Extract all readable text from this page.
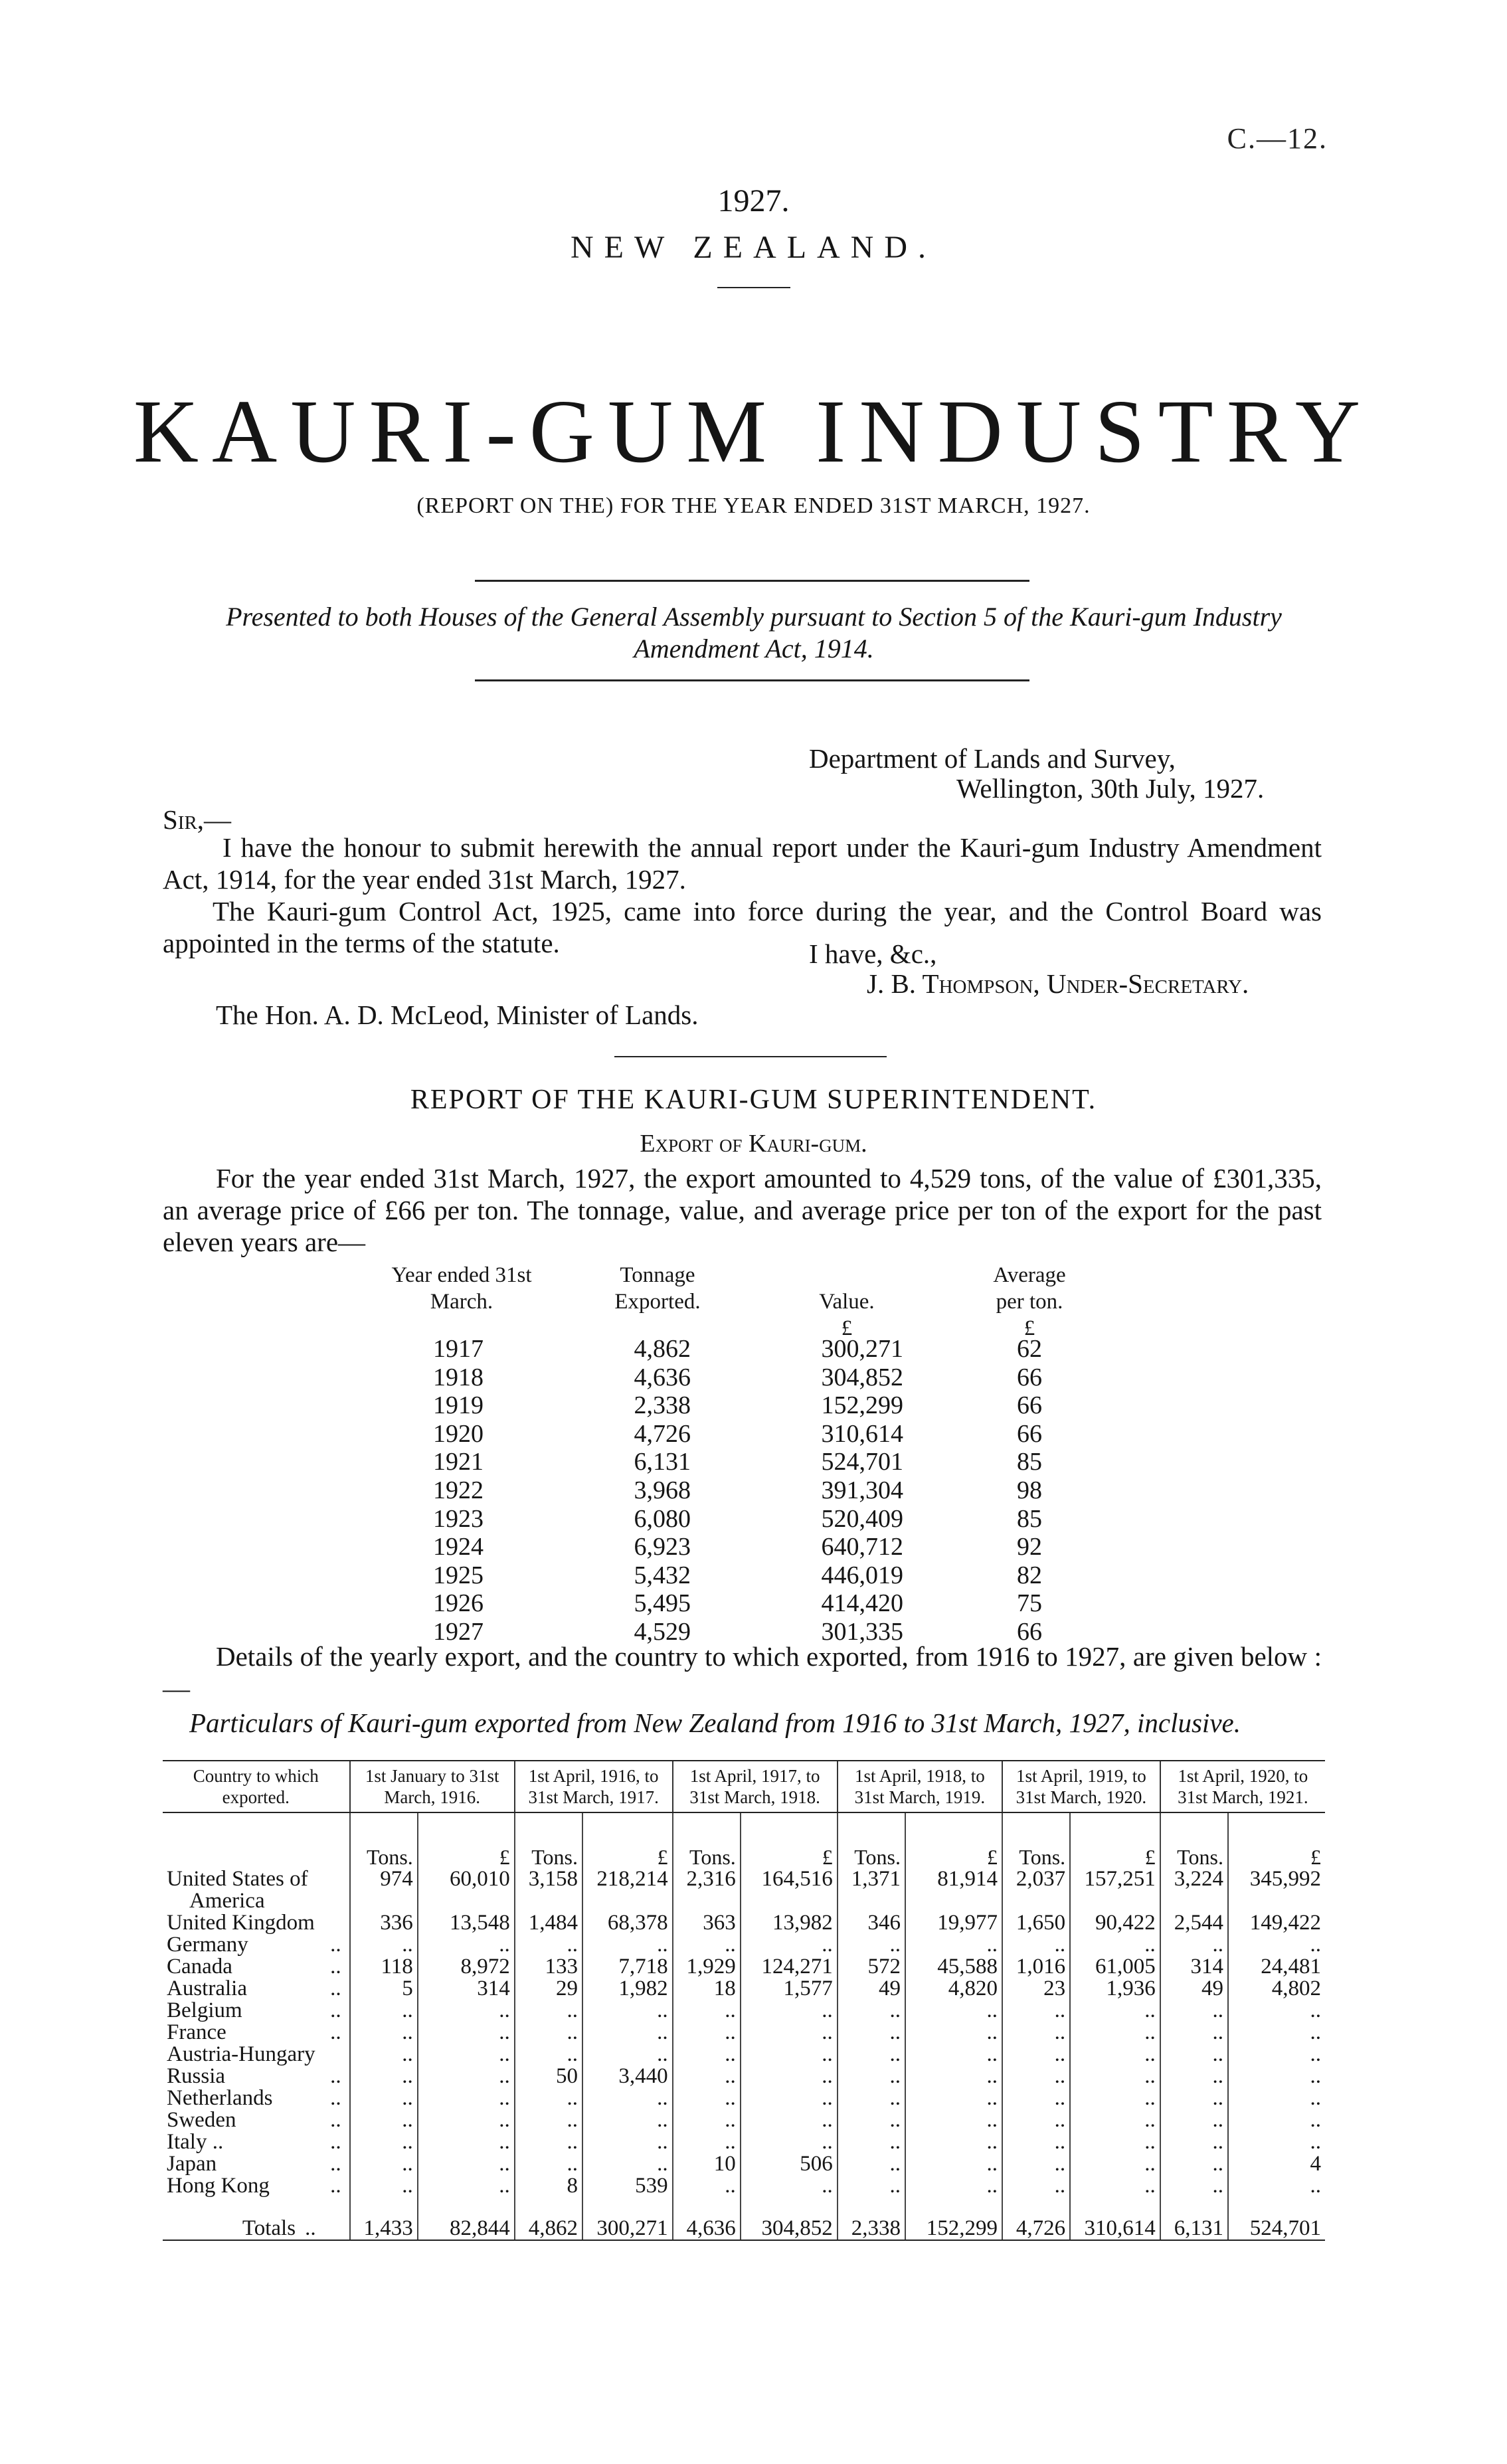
C.—12.
1927.
NEW ZEALAND.
KAURI-GUM INDUSTRY
(REPORT ON THE) FOR THE YEAR ENDED 31ST MARCH, 1927.
Presented to both Houses of the General Assembly pursuant to Section 5 of the Kauri-gum Industry Amendment Act, 1914.
Department of Lands and Survey,
Wellington, 30th July, 1927.
Sir,—
I have the honour to submit herewith the annual report under the Kauri-gum Industry Amendment Act, 1914, for the year ended 31st March, 1927.
The Kauri-gum Control Act, 1925, came into force during the year, and the Control Board was appointed in the terms of the statute.	I have, &c.,
J. B. Thompson, Under-Secretary.
The Hon. A. D. McLeod, Minister of Lands.
REPORT OF THE KAURI-GUM SUPERINTENDENT.
Export of Kauri-gum.
For the year ended 31st March, 1927, the export amounted to 4,529 tons, of the value of £301,335, an average price of £66 per ton. The tonnage, value, and average price per ton of the export for the past eleven years are—
Year ended 31st March.
Tonnage Exported.	Value.
Average per ton.
£	£
1917	4,862	300,271	62
1918	4,636	304,852	66
1919	2,338	152,299	66
1920	4,726	310,614	66
1921	6,131	524,701	85
1922	3,968	391,304	98
1923	6,080	520,409	85
1924	6,923	640,712	92
1925	5,432	446,019	82
1926	5,495	414,420	75
1927	4,529	301,335	66
Details of the yearly export, and the country to which exported, from 1916 to 1927, are given below :—
Particulars of Kauri-gum exported from New Zealand from 1916 to 31st March, 1927, inclusive.
Country to which exported.	1st January to 31st March, 1916.		1st April, 1916, to 31st March, 1917.		1st April, 1917, to 31st March, 1918.		1st April, 1918, to 31st March, 1919.		1st April, 1919, to 31st March, 1920.		1st April, 1920, to 31st March, 1921.	
	Tons.	£	Tons.	£	Tons.	£	Tons.	£	Tons.	£	Tons.	£
United States of	974	60,010	3,158	218,214	2,316	164,516	1,371	81,914	2,037	157,251	3,224	345,992
America												
United Kingdom	336	13,548	1,484	68,378	363	13,982	346	19,977	1,650	90,422	2,544	149,422
Germany ..	..	..	..	..	..	..	..	..	..	..	..	..
Canada ..	118	8,972	133	7,718	1,929	124,271	572	45,588	1,016	61,005	314	24,481
Australia ..	5	314	29	1,982	18	1,577	49	4,820	23	1,936	49	4,802
Belgium ..	..	..	..	..	..	..	..	..	..	..	..	..
France ..	..	..	..	..	..	..	..	..	..	..	..	..
Austria-Hungary	..	..	..	..	..	..	..	..	..	..	..	..
Russia ..	..	..	50	3,440	..	..	..	..	..	..	..	..
Netherlands ..	..	..	..	..	..	..	..	..	..	..	..	..
Sweden ..	..	..	..	..	..	..	..	..	..	..	..	..
Italy .. ..	..	..	..	..	..	..	..	..	..	..	..	..
Japan ..	..	..	..	..	10	506	..	..	..	..	..	4
Hong Kong ..	..	..	8	539	..	..	..	..	..	..	..	..
Totals ..	1,433	82,844	4,862	300,271	4,636	304,852	2,338	152,299	4,726	310,614	6,131	524,701
